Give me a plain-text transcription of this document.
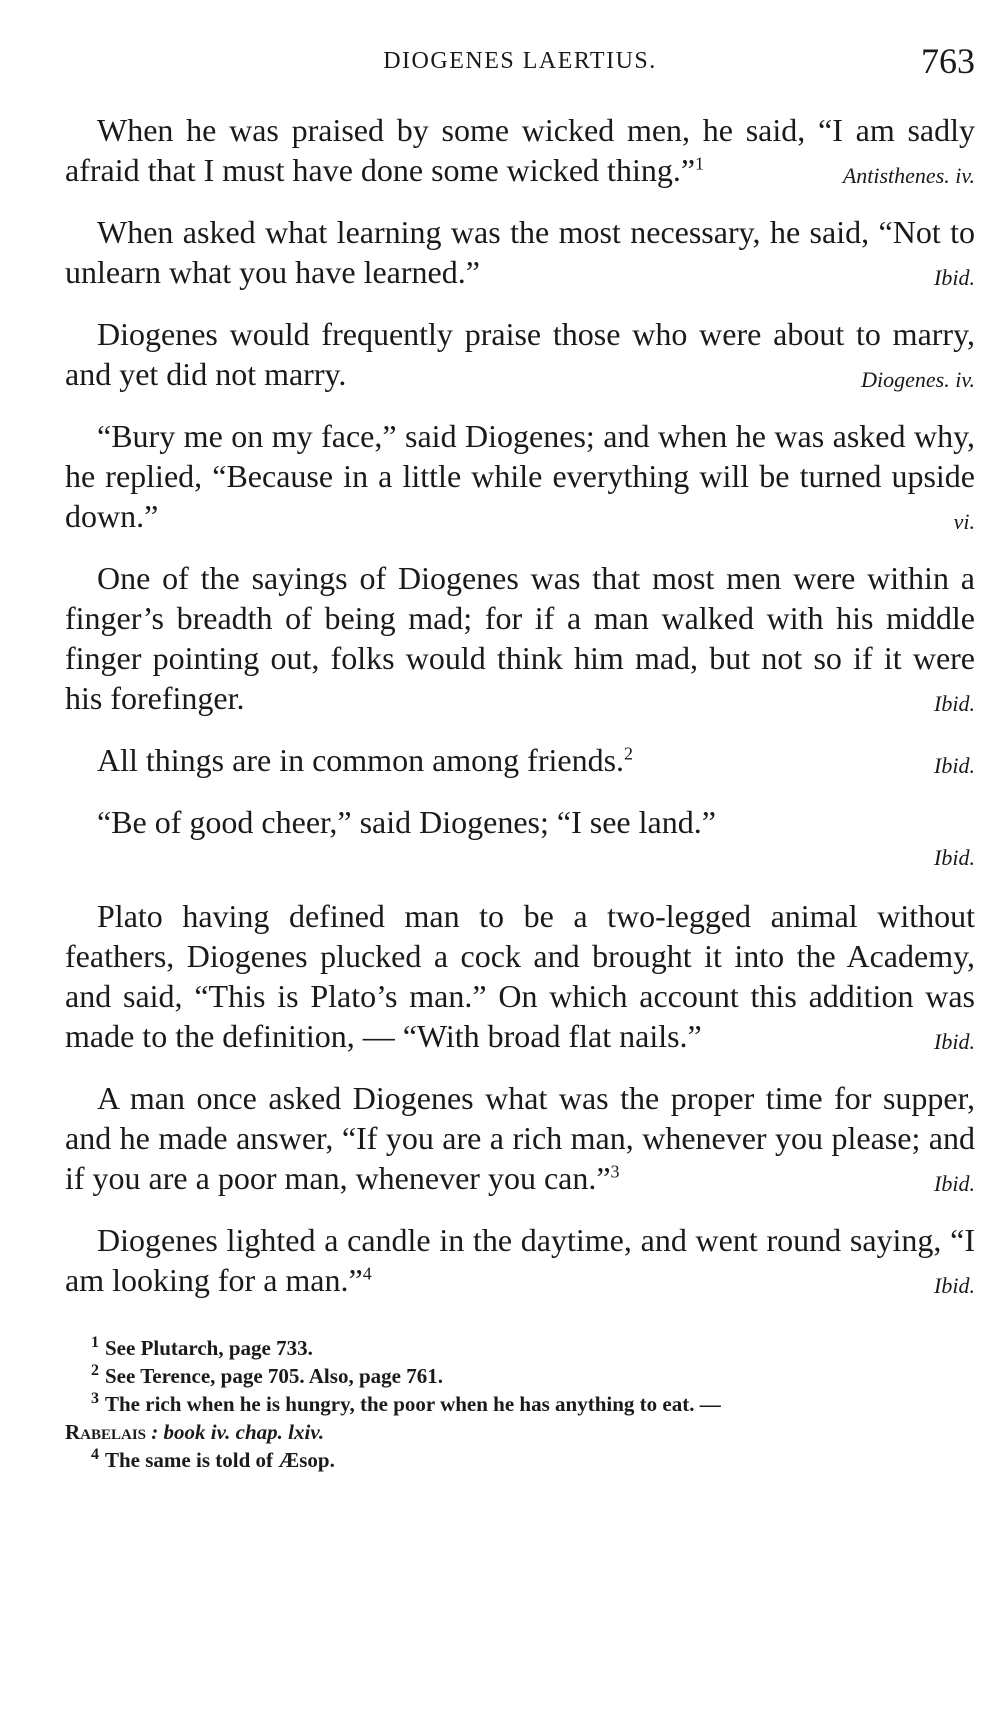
DIOGENES LAERTIUS.	763

When he was praised by some wicked men, he said, “I am sadly afraid that I must have done some wicked thing.”$^1$	Antisthenes. iv.

When asked what learning was the most necessary, he said, “Not to unlearn what you have learned.”	Ibid.

Diogenes would frequently praise those who were about to marry, and yet did not marry.	Diogenes. iv.

“Bury me on my face,” said Diogenes; and when he was asked why, he replied, “Because in a little while everything will be turned upside down.”	vi.

One of the sayings of Diogenes was that most men were within a finger’s breadth of being mad; for if a man walked with his middle finger pointing out, folks would think him mad, but not so if it were his forefinger.	Ibid.

All things are in common among friends.$^2$	Ibid.

“Be of good cheer,” said Diogenes; “I see land.”
Ibid.

Plato having defined man to be a two-legged animal without feathers, Diogenes plucked a cock and brought it into the Academy, and said, “This is Plato’s man.” On which account this addition was made to the definition, — “With broad flat nails.”	Ibid.

A man once asked Diogenes what was the proper time for supper, and he made answer, “If you are a rich man, whenever you please; and if you are a poor man, whenever you can.”$^3$	Ibid.

Diogenes lighted a candle in the daytime, and went round saying, “I am looking for a man.”$^4$	Ibid.

$^1$ See Plutarch, page 733.

$^2$ See Terence, page 705. Also, page 761.

$^3$ The rich when he is hungry, the poor when he has anything to eat. —
Rabelais : book iv. chap. lxiv.

$^4$ The same is told of Æsop.
